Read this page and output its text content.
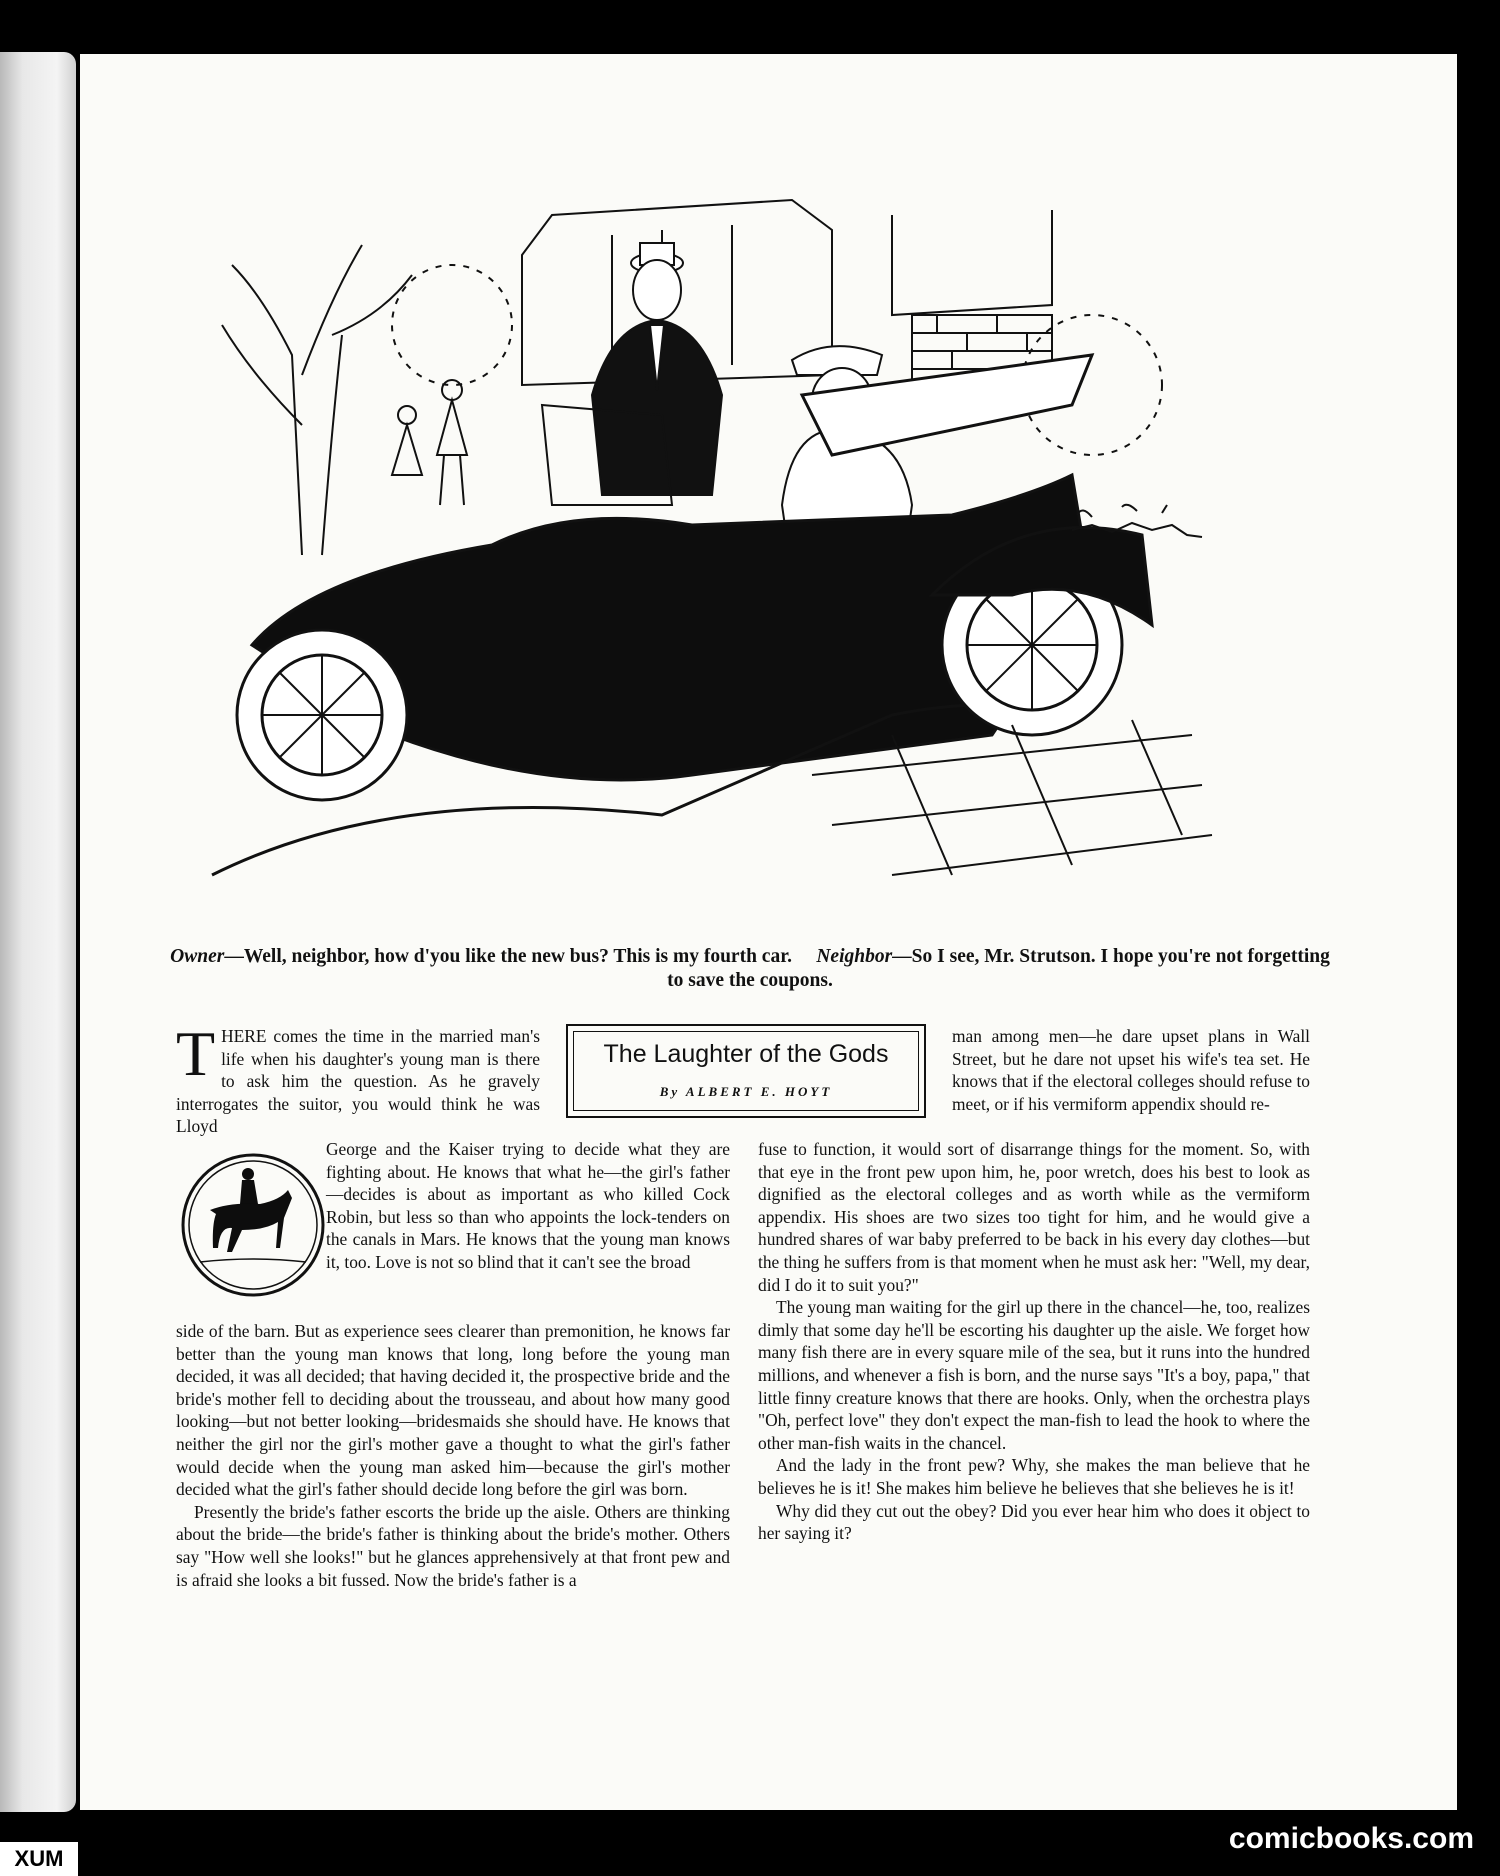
Owner—Well, neighbor, how d'you like the new bus? This is my fourth car. Neighbor—So I see, Mr. Strutson. I hope you're not forgetting to save the coupons.
The Laughter of the Gods
By ALBERT E. HOYT

THERE comes the time in the married man's life when his daughter's young man is there to ask him the question. As he gravely interrogates the suitor, you would think he was Lloyd

George and the Kaiser trying to decide what they are fighting about. He knows that what he—the girl's father—decides is about as important as who killed Cock Robin, but less so than who appoints the lock-tenders on the canals in Mars. He knows that the young man knows it, too. Love is not so blind that it can't see the broad

side of the barn. But as experience sees clearer than premonition, he knows far better than the young man knows that long, long before the young man decided, it was all decided; that having decided it, the prospective bride and the bride's mother fell to deciding about the trousseau, and about how many good looking—but not better looking—bridesmaids she should have. He knows that neither the girl nor the girl's mother gave a thought to what the girl's father would decide when the young man asked him—because the girl's mother decided what the girl's father should decide long before the girl was born.

Presently the bride's father escorts the bride up the aisle. Others are thinking about the bride—the bride's father is thinking about the bride's mother. Others say "How well she looks!" but he glances apprehensively at that front pew and is afraid she looks a bit fussed. Now the bride's father is a

man among men—he dare upset plans in Wall Street, but he dare not upset his wife's tea set. He knows that if the electoral colleges should refuse to meet, or if his vermiform appendix should re-

fuse to function, it would sort of disarrange things for the moment. So, with that eye in the front pew upon him, he, poor wretch, does his best to look as dignified as the electoral colleges and as worth while as the vermiform appendix. His shoes are two sizes too tight for him, and he would give a hundred shares of war baby preferred to be back in his every day clothes—but the thing he suffers from is that moment when he must ask her: "Well, my dear, did I do it to suit you?"

The young man waiting for the girl up there in the chancel—he, too, realizes dimly that some day he'll be escorting his daughter up the aisle. We forget how many fish there are in every square mile of the sea, but it runs into the hundred millions, and whenever a fish is born, and the nurse says "It's a boy, papa," that little finny creature knows that there are hooks. Only, when the orchestra plays "Oh, perfect love" they don't expect the man-fish to lead the hook to where the other man-fish waits in the chancel.

And the lady in the front pew? Why, she makes the man believe that he believes he is it! She makes him believe he believes that she believes he is it!

Why did they cut out the obey? Did you ever hear him who does it object to her saying it?

comicbooks.com
XUM
